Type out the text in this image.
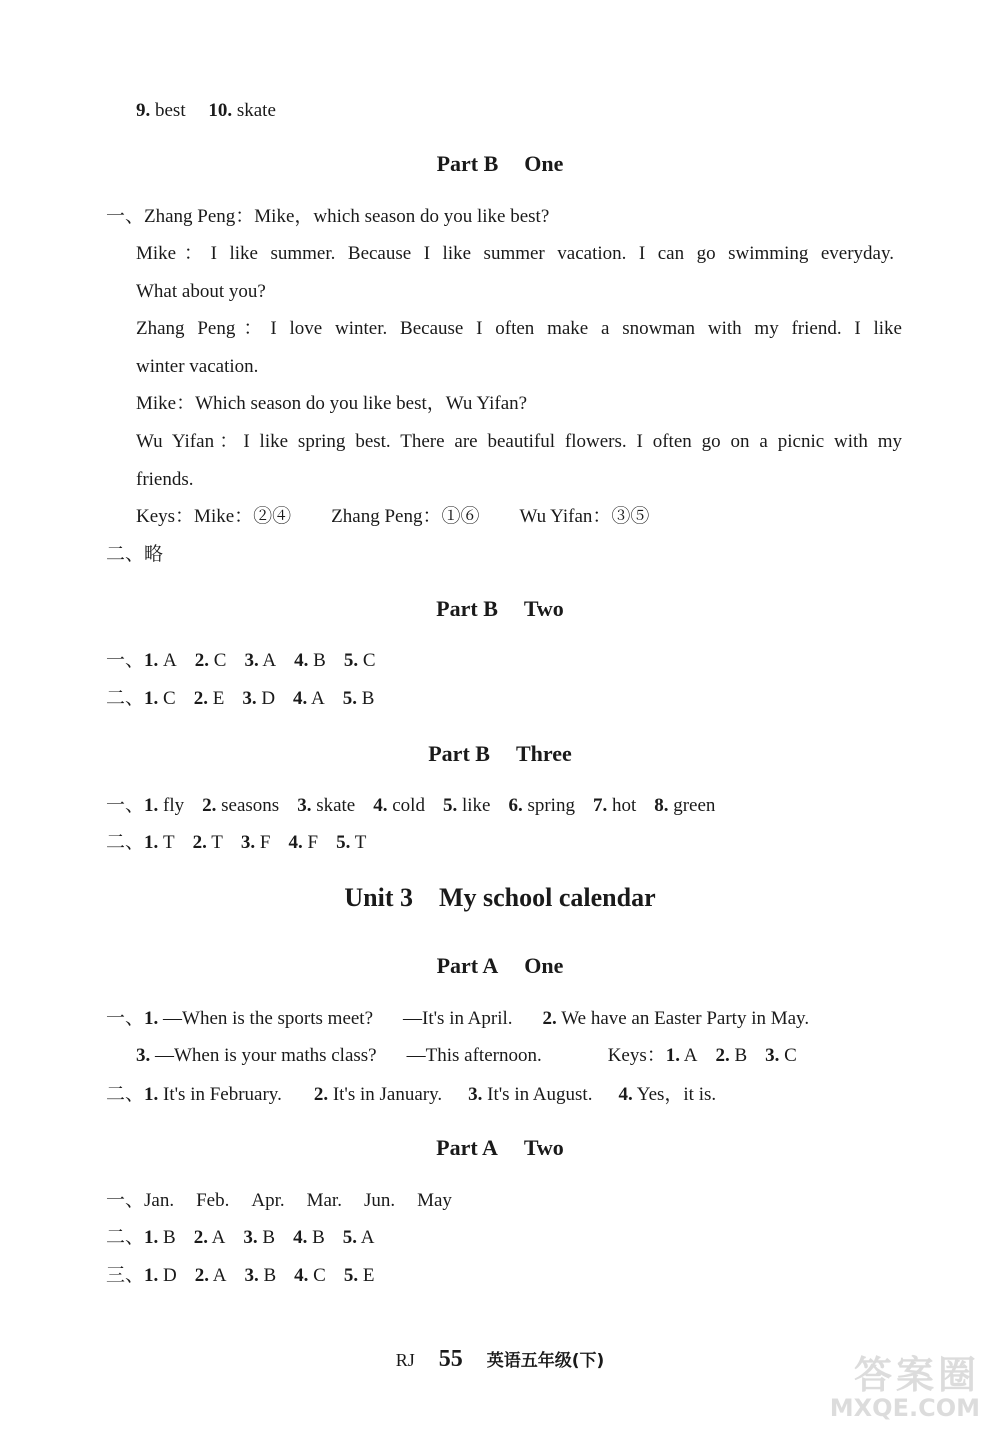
9. best 10. skate
Part B One
一、Zhang Peng：Mike，which season do you like best?
Mike：I like summer. Because I like summer vacation. I can go swimming everyday.
What about you?
Zhang Peng：I love winter. Because I often make a snowman with my friend. I like
winter vacation.
Mike：Which season do you like best，Wu Yifan?
Wu Yifan：I like spring best. There are beautiful flowers. I often go on a picnic with my
friends.
Keys：Mike：②④ Zhang Peng：①⑥ Wu Yifan：③⑤
二、略
Part B Two
一、1. A 2. C 3. A 4. B 5. C
二、1. C 2. E 3. D 4. A 5. B
Part B Three
一、1. fly 2. seasons 3. skate 4. cold 5. like 6. spring 7. hot 8. green
二、1. T 2. T 3. F 4. F 5. T
Unit 3 My school calendar
Part A One
一、1. —When is the sports meet? —It's in April. 2. We have an Easter Party in May.
3. —When is your maths class? —This afternoon.	Keys：1. A 2. B 3. C
二、1. It's in February. 2. It's in January. 3. It's in August. 4. Yes，it is.
Part A Two
一、Jan. Feb. Apr. Mar. Jun. May
二、1. B 2. A 3. B 4. B 5. A
三、1. D 2. A 3. B 4. C 5. E
RJ 55 英语五年级(下)	答案圈
MXQE.COM
